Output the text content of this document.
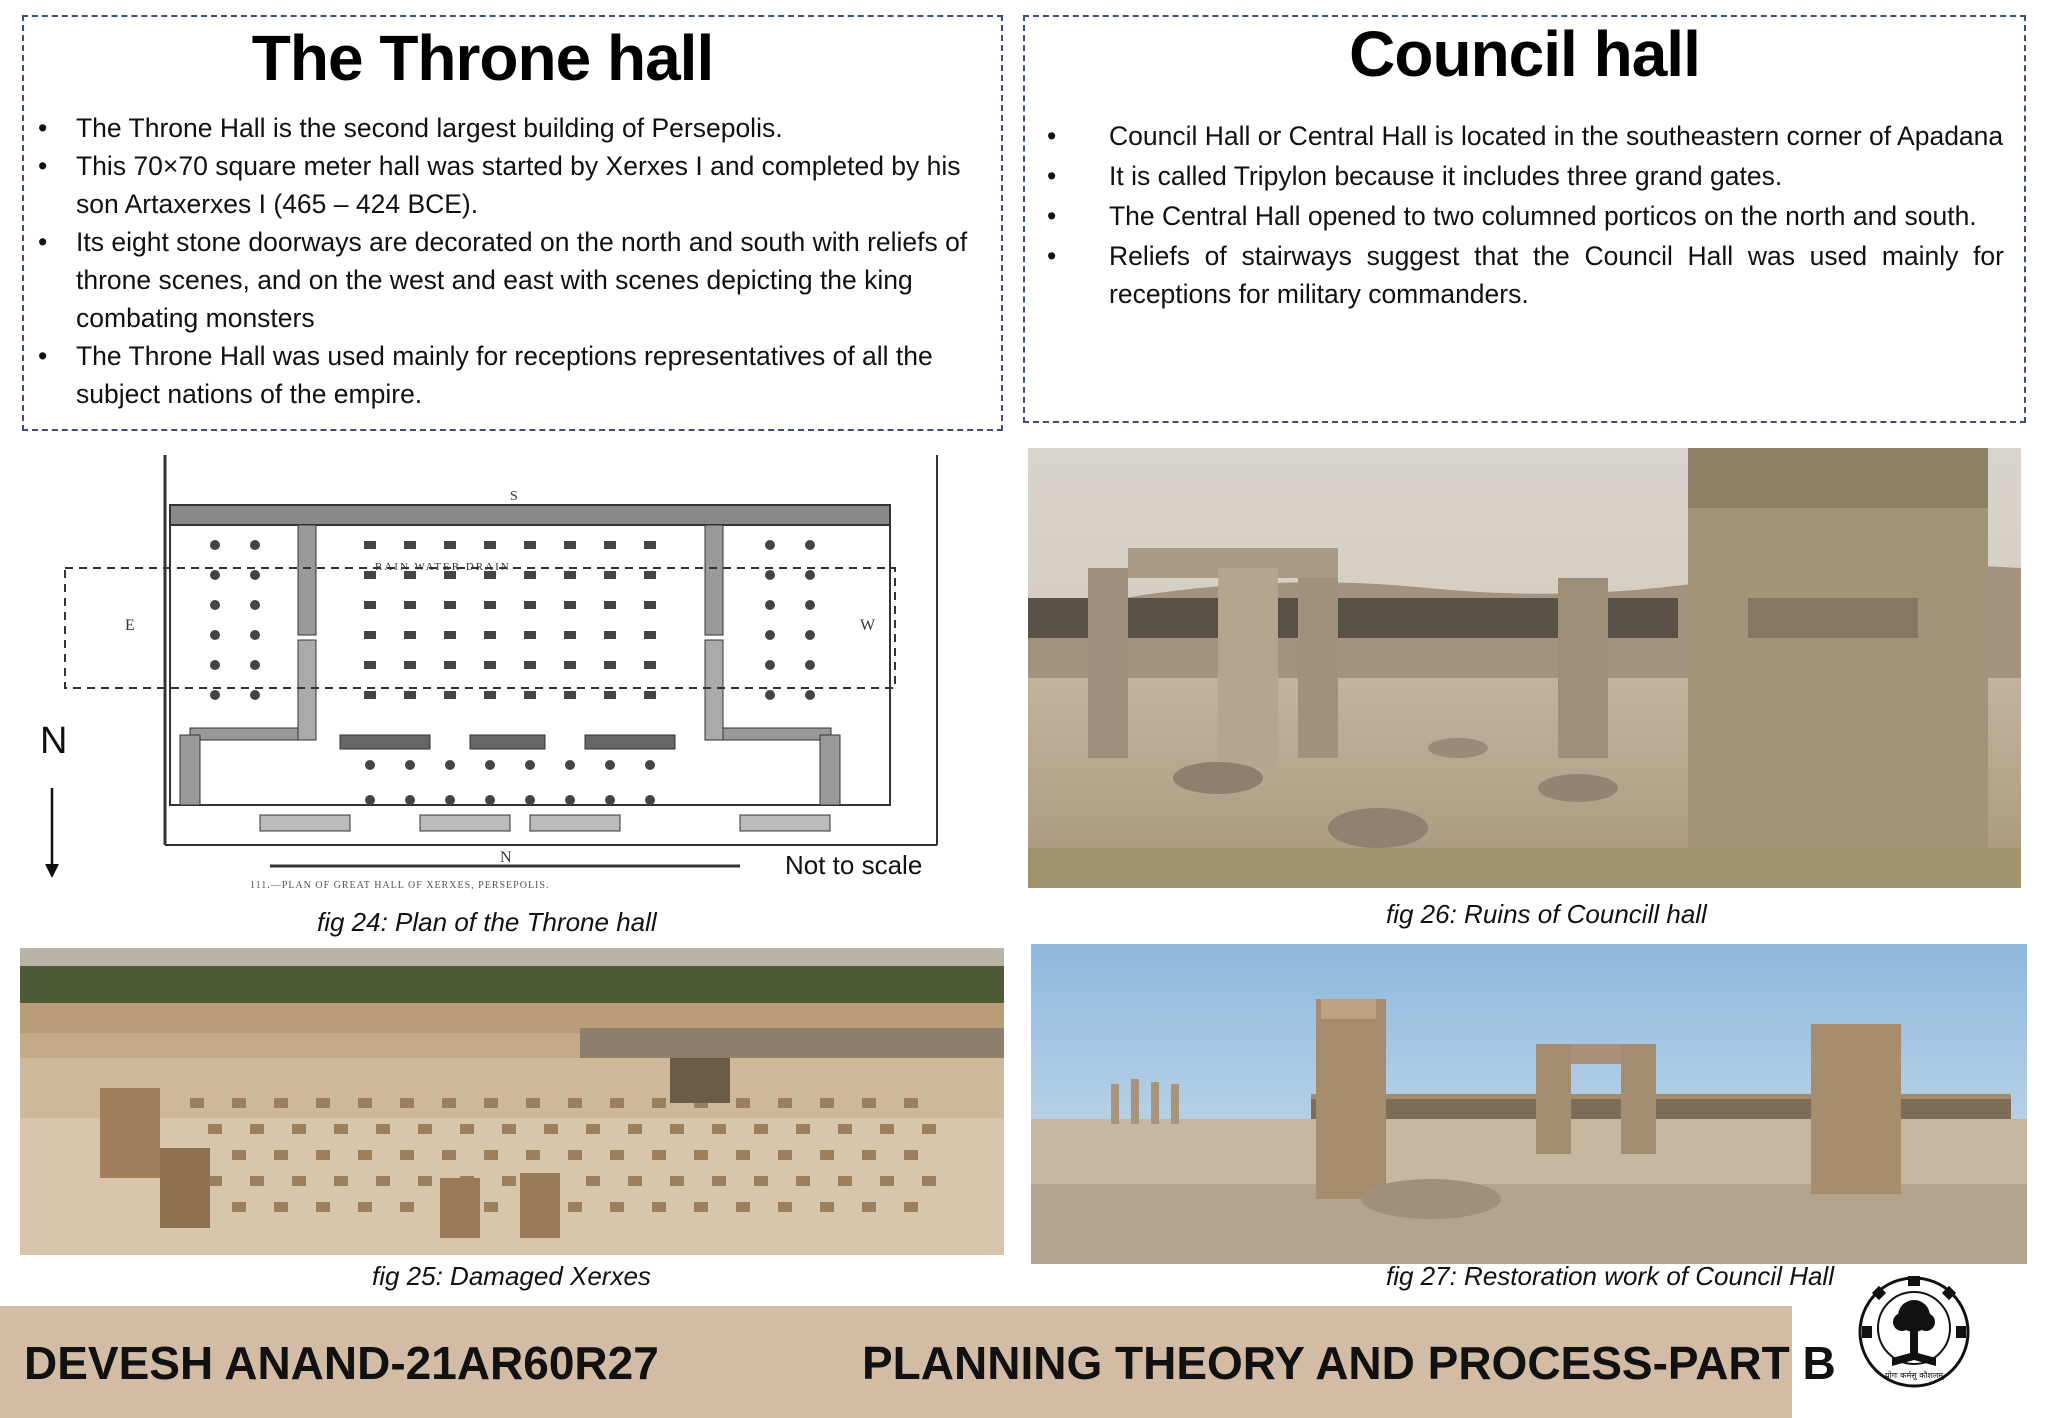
The Throne hall
• The Throne Hall is the second largest building of Persepolis.
• This 70×70 square meter hall was started by Xerxes I and completed by his son Artaxerxes I (465 – 424 BCE).
• Its eight stone doorways are decorated on the north and south with reliefs of throne scenes, and on the west and east with scenes depicting the king combating monsters
• The Throne Hall was used mainly for receptions representatives of all the subject nations of the empire.
Council hall
• Council Hall or Central Hall is located in the southeastern corner of Apadana
• It is called Tripylon because it includes three grand gates.
• The Central Hall opened to two columned porticos on the north and south.
• Reliefs of stairways suggest that the Council Hall was used mainly for receptions for military commanders.
S
E	W
N
RAIN WATER DRAIN
111.—PLAN OF GREAT HALL OF XERXES, PERSEPOLIS.
N
Not to scale
fig 24: Plan of the Throne hall	fig 26: Ruins of Councill hall
fig 25: Damaged Xerxes	fig 27: Restoration work of Council Hall
DEVESH ANAND-21AR60R27	PLANNING THEORY AND PROCESS-PART B	योगः कर्मसु कौशलम्
